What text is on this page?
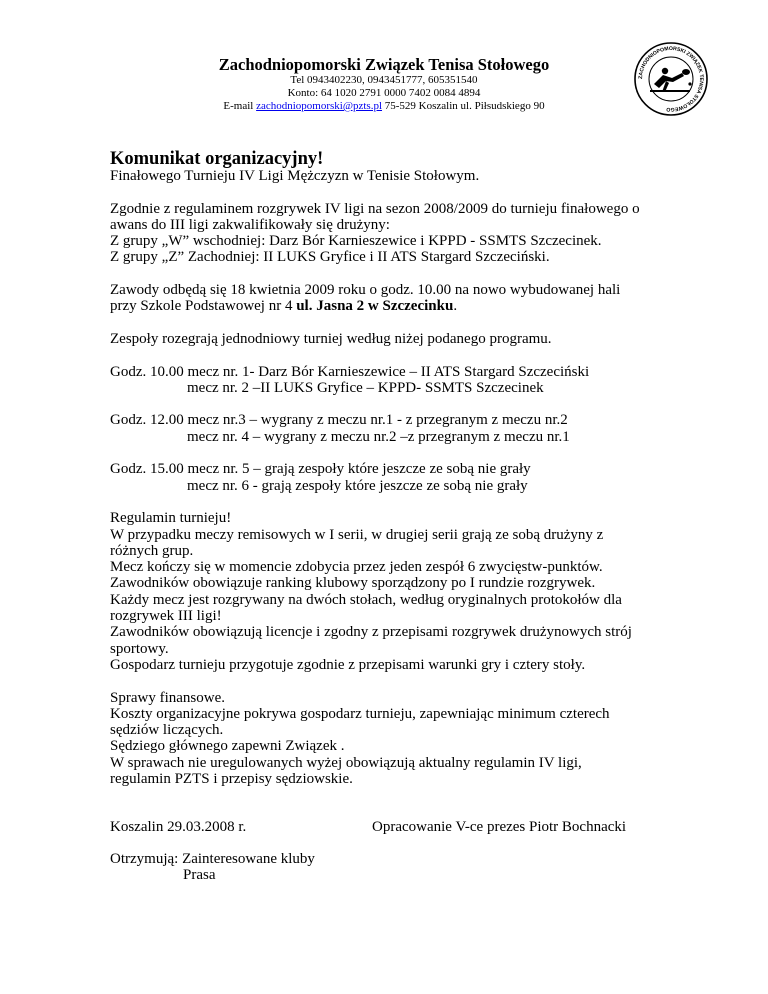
Zachodniopomorski Związek Tenisa Stołowego
Tel 0943402230, 0943451777, 605351540
Konto: 64 1020 2791 0000 7402 0084 4894
E-mail zachodniopomorski@pzts.pl 75-529 Koszalin ul. Piłsudskiego 90
ZACHODNIOPOMORSKI ZWIĄZEK TENISA STOŁOWEGO
Komunikat organizacyjny!

Finałowego Turnieju IV Ligi Mężczyzn w Tenisie Stołowym.

Zgodnie z regulaminem rozgrywek IV ligi na sezon 2008/2009 do turnieju finałowego o

awans do III ligi zakwalifikowały się drużyny:

Z grupy „W” wschodniej: Darz Bór Karnieszewice i KPPD - SSMTS Szczecinek.

Z grupy „Z” Zachodniej: II LUKS Gryfice i II ATS Stargard Szczeciński.

Zawody odbędą się 18 kwietnia 2009 roku o godz. 10.00 na nowo wybudowanej hali

przy Szkole Podstawowej nr 4 ul. Jasna 2 w Szczecinku.

Zespoły rozegrają jednodniowy turniej według niżej podanego programu.

Godz. 10.00 mecz nr. 1- Darz Bór Karnieszewice – II ATS Stargard Szczeciński

mecz nr. 2 –II LUKS Gryfice – KPPD- SSMTS Szczecinek

Godz. 12.00 mecz nr.3 – wygrany z meczu nr.1 - z przegranym z meczu nr.2

mecz nr. 4 – wygrany z meczu nr.2 –z przegranym z meczu nr.1

Godz. 15.00 mecz nr. 5 – grają zespoły które jeszcze ze sobą nie grały

mecz nr. 6 - grają zespoły które jeszcze ze sobą nie grały

Regulamin turnieju!

W przypadku meczy remisowych w I serii, w drugiej serii grają ze sobą drużyny z

różnych grup.

Mecz kończy się w momencie zdobycia przez jeden zespół 6 zwycięstw-punktów.

Zawodników obowiązuje ranking klubowy sporządzony po I rundzie rozgrywek.

Każdy mecz jest rozgrywany na dwóch stołach, według oryginalnych protokołów dla

rozgrywek III ligi!

Zawodników obowiązują licencje i zgodny z przepisami rozgrywek drużynowych strój

sportowy.

Gospodarz turnieju przygotuje zgodnie z przepisami warunki gry i cztery stoły.

Sprawy finansowe.

Koszty organizacyjne pokrywa gospodarz turnieju, zapewniając minimum czterech

sędziów liczących.

Sędziego głównego zapewni Związek .

W sprawach nie uregulowanych wyżej obowiązują aktualny regulamin IV ligi,

regulamin PZTS i przepisy sędziowskie.

Koszalin 29.03.2008 r.	Opracowanie V-ce prezes Piotr Bochnacki
Otrzymują: Zainteresowane kluby
Prasa
